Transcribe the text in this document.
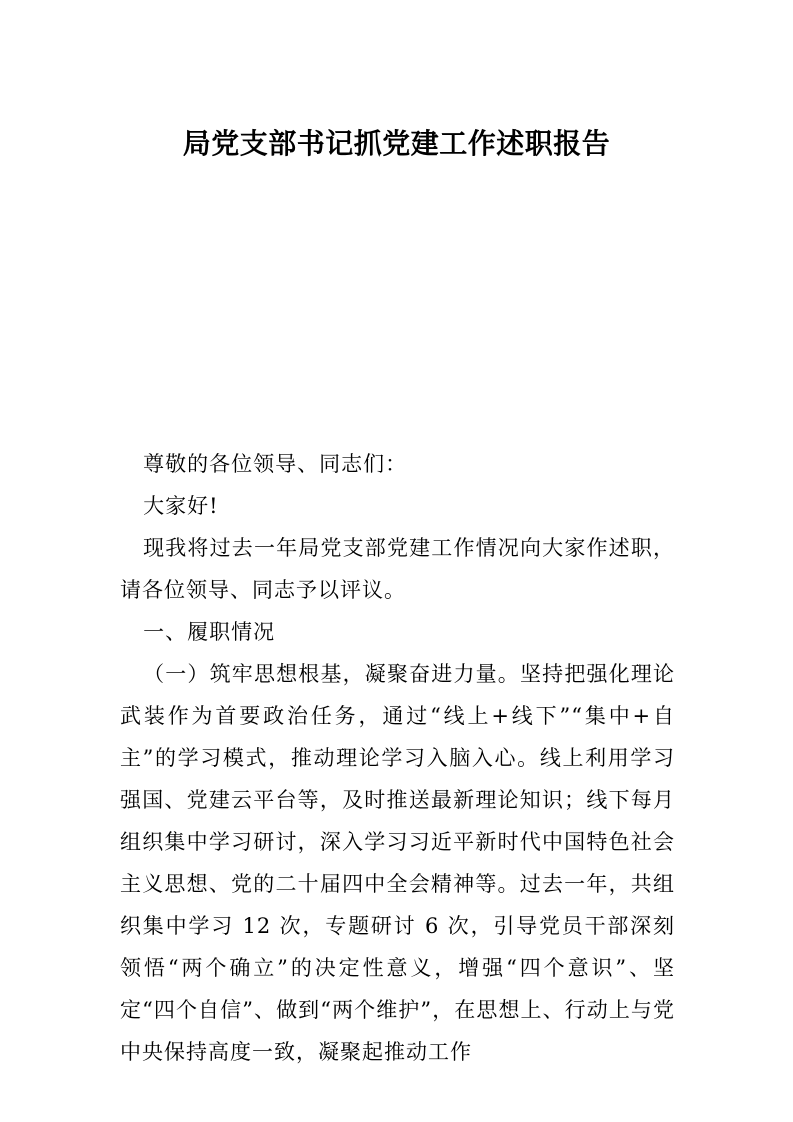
局党支部书记抓党建工作述职报告

尊敬的各位领导、同志们：

大家好!

现我将过去一年局党支部党建工作情况向大家作述职，请各位领导、同志予以评议。

一、履职情况

（一）筑牢思想根基，凝聚奋进力量。坚持把强化理论武装作为首要政治任务，通过“线上+线下”“集中+自主”的学习模式，推动理论学习入脑入心。线上利用学习强国、党建云平台等，及时推送最新理论知识；线下每月组织集中学习研讨，深入学习习近平新时代中国特色社会主义思想、党的二十届四中全会精神等。过去一年，共组织集中学习 12 次，专题研讨 6 次，引导党员干部深刻领悟“两个确立”的决定性意义，增强“四个意识”、坚定“四个自信”、做到“两个维护”，在思想上、行动上与党中央保持高度一致，凝聚起推动工作
